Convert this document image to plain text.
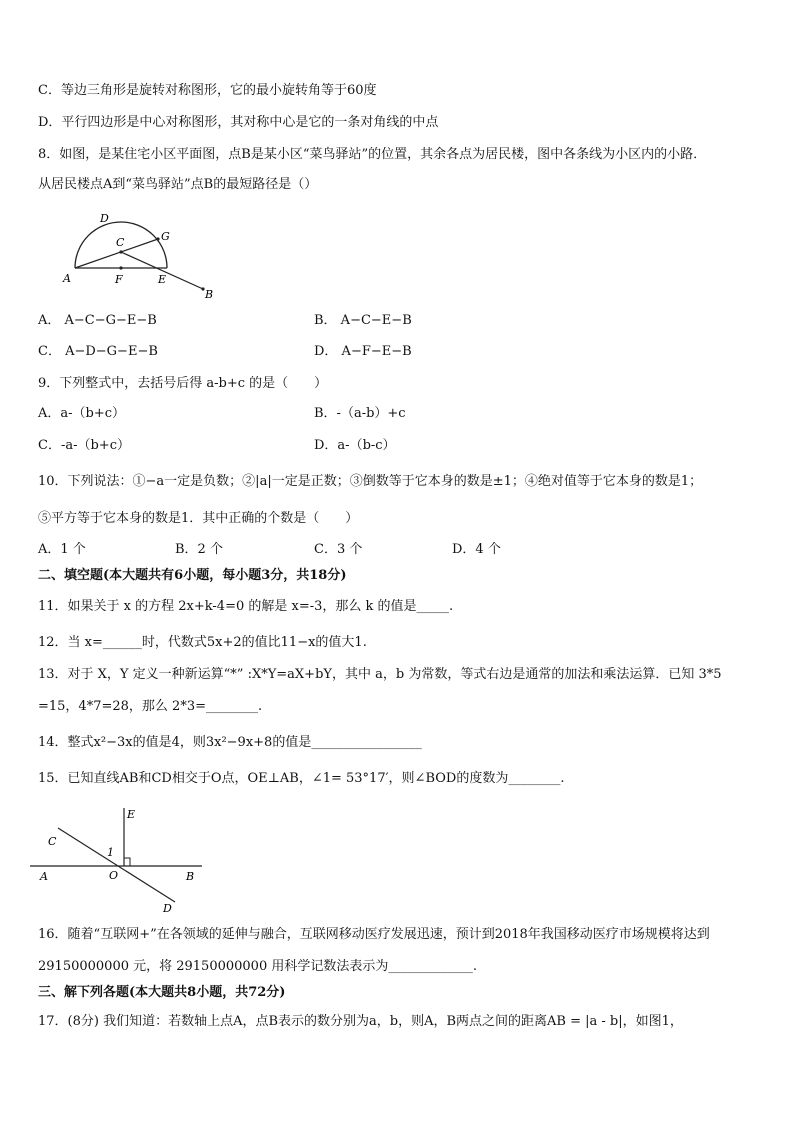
C．等边三角形是旋转对称图形，它的最小旋转角等于60度
D．平行四边形是中心对称图形，其对称中心是它的一条对角线的中点
8．如图，是某住宅小区平面图，点B是某小区“菜鸟驿站”的位置，其余各点为居民楼，图中各条线为小区内的小路．
从居民楼点A到“菜鸟驿站”点B的最短路径是（）
A
B
C
D
E
F
G
A． A−C−G−E−B	B． A−C−E−B
C． A−D−G−E−B	D． A−F−E−B
9．下列整式中，去括号后得 a-b+c 的是（　　）
A．a-（b+c）	B．-（a-b）+c
C．-a-（b+c）	D．a-（b-c）
10．下列说法：①−a一定是负数；②|a|一定是正数；③倒数等于它本身的数是±1；④绝对值等于它本身的数是1；
⑤平方等于它本身的数是1．其中正确的个数是（　　）
A．1 个	B．2 个	C．3 个	D．4 个
二、填空题(本大题共有6小题，每小题3分，共18分)
11．如果关于 x 的方程 2x+k-4=0 的解是 x=-3，那么 k 的值是_____.
12．当 x=______时，代数式5x+2的值比11−x的值大1.
13．对于 X，Y 定义一种新运算“*” :X*Y=aX+bY，其中 a，b 为常数，等式右边是通常的加法和乘法运算．已知 3*5
=15，4*7=28，那么 2*3=________.
14．整式x²−3x的值是4，则3x²−9x+8的值是_________________
15．已知直线AB和CD相交于O点，OE⊥AB，∠1= 53°17′，则∠BOD的度数为________.
A	B
C
D
E
O
1
16．随着“互联网+”在各领域的延伸与融合，互联网移动医疗发展迅速，预计到2018年我国移动医疗市场规模将达到
29150000000 元，将 29150000000 用科学记数法表示为_____________.
三、解下列各题(本大题共8小题，共72分)
17．(8分) 我们知道：若数轴上点A，点B表示的数分别为a，b，则A，B两点之间的距离AB = |a - b|，如图1，
